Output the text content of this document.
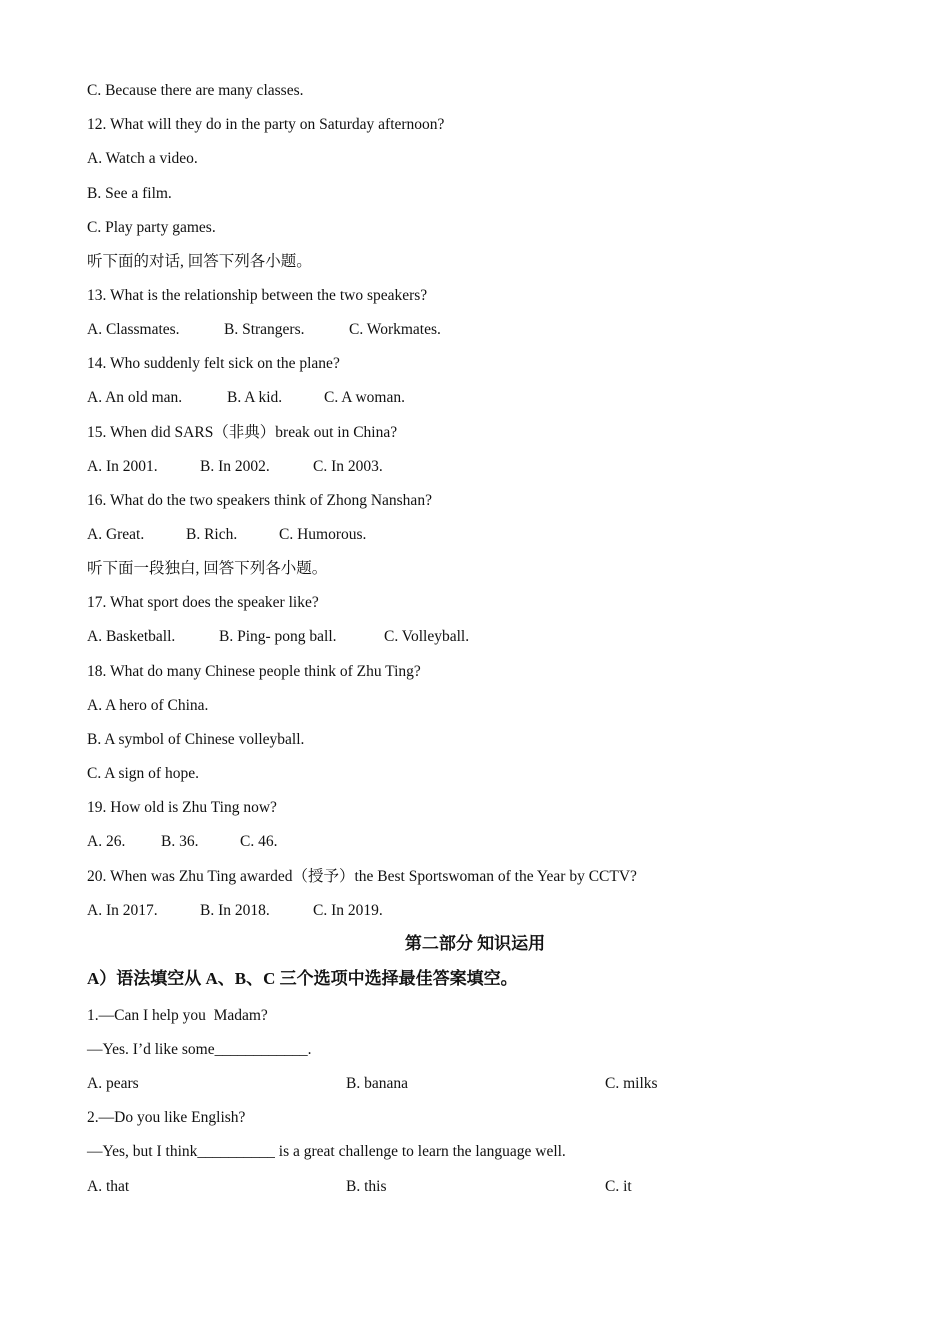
C. Because there are many classes.
12. What will they do in the party on Saturday afternoon?
A. Watch a video.
B. See a film.
C. Play party games.
听下面的对话, 回答下列各小题。
13. What is the relationship between the two speakers?
A. Classmates.	B. Strangers.	C. Workmates.
14. Who suddenly felt sick on the plane?
A. An old man.	B. A kid.	C. A woman.
15. When did SARS（非典）break out in China?
A. In 2001.	B. In 2002.	C. In 2003.
16. What do the two speakers think of Zhong Nanshan?
A. Great.	B. Rich.	C. Humorous.
听下面一段独白, 回答下列各小题。
17. What sport does the speaker like?
A. Basketball.	B. Ping- pong ball.	C. Volleyball.
18. What do many Chinese people think of Zhu Ting?
A. A hero of China.
B. A symbol of Chinese volleyball.
C. A sign of hope.
19. How old is Zhu Ting now?
A. 26. B. 36.	C. 46.
20. When was Zhu Ting awarded（授予）the Best Sportswoman of the Year by CCTV?
A. In 2017.	B. In 2018.	C. In 2019.
第二部分 知识运用
A）语法填空从 A、B、C 三个选项中选择最佳答案填空。
1.—Can I help you  Madam?
—Yes. I’d like some____________.
A. pears	B. banana	C. milks
2.—Do you like English?
—Yes, but I think__________ is a great challenge to learn the language well.
A. that	B. this	C. it
